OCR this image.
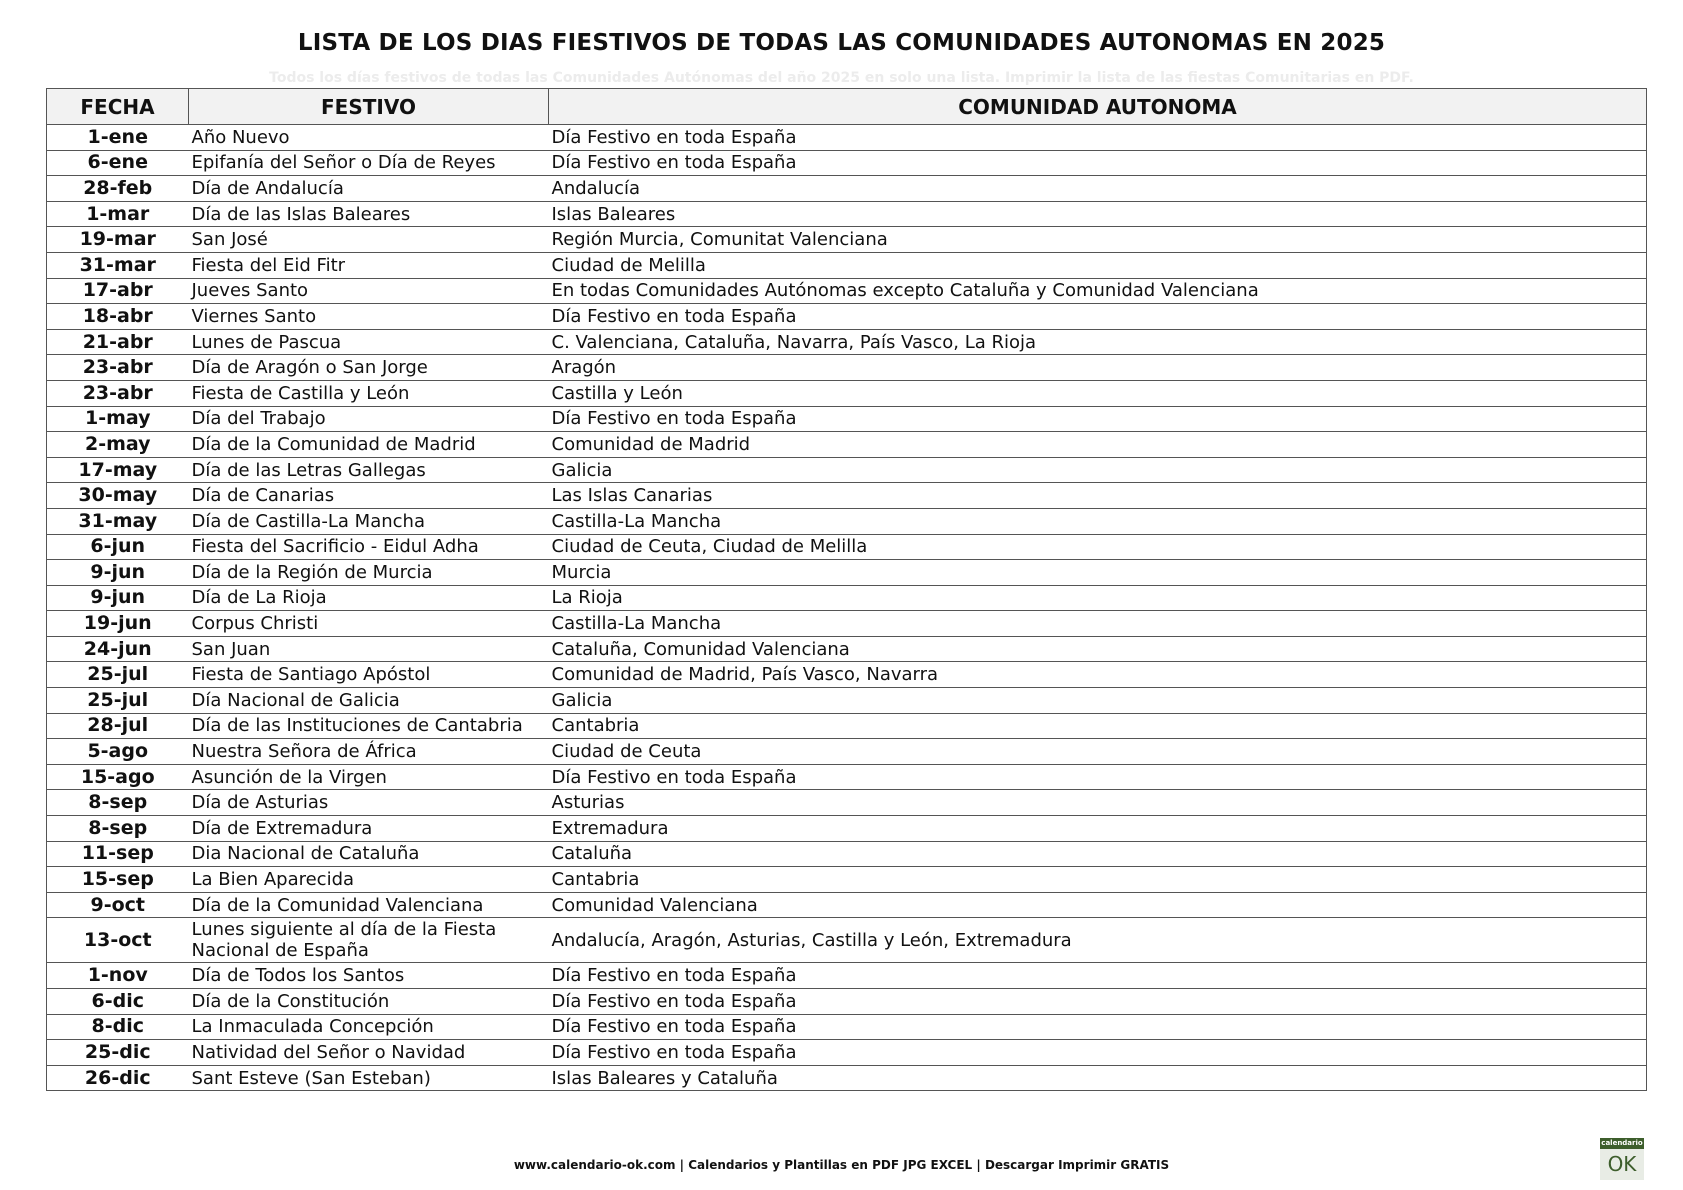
LISTA DE LOS DIAS FIESTIVOS DE TODAS LAS COMUNIDADES AUTONOMAS EN 2025
Todos los días festivos de todas las Comunidades Autónomas del año 2025 en solo una lista. Imprimir la lista de las fiestas Comunitarias en PDF.
FECHA	FESTIVO	COMUNIDAD AUTONOMA
1-ene	Año Nuevo	Día Festivo en toda España
6-ene	Epifanía del Señor o Día de Reyes	Día Festivo en toda España
28-feb	Día de Andalucía	Andalucía
1-mar	Día de las Islas Baleares	Islas Baleares
19-mar	San José	Región Murcia, Comunitat Valenciana
31-mar	Fiesta del Eid Fitr	Ciudad de Melilla
17-abr	Jueves Santo	En todas Comunidades Autónomas excepto Cataluña y Comunidad Valenciana
18-abr	Viernes Santo	Día Festivo en toda España
21-abr	Lunes de Pascua	C. Valenciana, Cataluña, Navarra, País Vasco, La Rioja
23-abr	Día de Aragón o San Jorge	Aragón
23-abr	Fiesta de Castilla y León	Castilla y León
1-may	Día del Trabajo	Día Festivo en toda España
2-may	Día de la Comunidad de Madrid	Comunidad de Madrid
17-may	Día de las Letras Gallegas	Galicia
30-may	Día de Canarias	Las Islas Canarias
31-may	Día de Castilla-La Mancha	Castilla-La Mancha
6-jun	Fiesta del Sacrificio - Eidul Adha	Ciudad de Ceuta, Ciudad de Melilla
9-jun	Día de la Región de Murcia	Murcia
9-jun	Día de La Rioja	La Rioja
19-jun	Corpus Christi	Castilla-La Mancha
24-jun	San Juan	Cataluña, Comunidad Valenciana
25-jul	Fiesta de Santiago Apóstol	Comunidad de Madrid, País Vasco, Navarra
25-jul	Día Nacional de Galicia	Galicia
28-jul	Día de las Instituciones de Cantabria	Cantabria
5-ago	Nuestra Señora de África	Ciudad de Ceuta
15-ago	Asunción de la Virgen	Día Festivo en toda España
8-sep	Día de Asturias	Asturias
8-sep	Día de Extremadura	Extremadura
11-sep	Dia Nacional de Cataluña	Cataluña
15-sep	La Bien Aparecida	Cantabria
9-oct	Día de la Comunidad Valenciana	Comunidad Valenciana
13-oct	Lunes siguiente al día de la Fiesta Nacional de España	Andalucía, Aragón, Asturias, Castilla y León, Extremadura
1-nov	Día de Todos los Santos	Día Festivo en toda España
6-dic	Día de la Constitución	Día Festivo en toda España
8-dic	La Inmaculada Concepción	Día Festivo en toda España
25-dic	Natividad del Señor o Navidad	Día Festivo en toda España
26-dic	Sant Esteve (San Esteban)	Islas Baleares y Cataluña
www.calendario-ok.com | Calendarios y Plantillas en PDF JPG EXCEL | Descargar Imprimir GRATIS
calendario
OK
